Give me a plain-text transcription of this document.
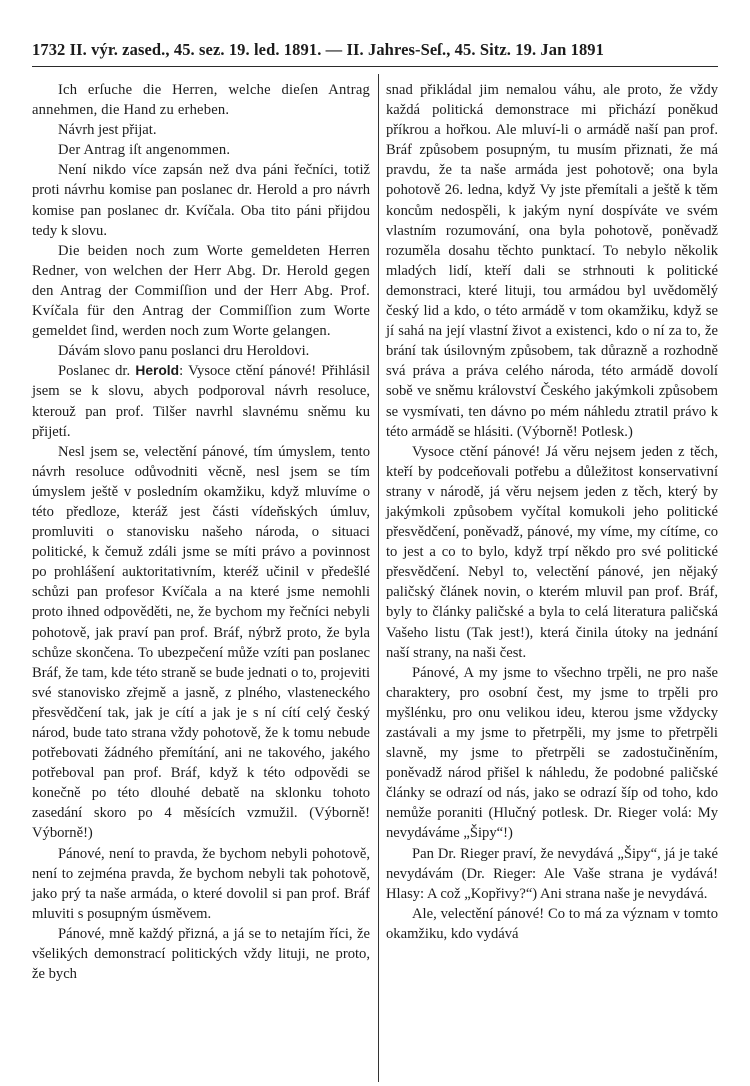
1732 II. výr. zased., 45. sez. 19. led. 1891. — II. Jahres-Seſ., 45. Sitz. 19. Jan 1891

Ich erſuche die Herren, welche dieſen Antrag annehmen, die Hand zu erheben.

Návrh jest přijat.

Der Antrag iſt angenommen.

Není nikdo více zapsán než dva páni řečníci, totiž proti návrhu komise pan poslanec dr. Herold a pro návrh komise pan poslanec dr. Kvíčala. Oba tito páni přijdou tedy k slovu.

Die beiden noch zum Worte gemeldeten Herren Redner, von welchen der Herr Abg. Dr. Herold gegen den Antrag der Commiſſion und der Herr Abg. Prof. Kvíčala für den Antrag der Commiſſion zum Worte gemeldet ſind, werden noch zum Worte gelangen.

Dávám slovo panu poslanci dru Heroldovi.

Poslanec dr. Herold: Vysoce ctění pánové! Přihlásil jsem se k slovu, abych podporoval návrh resoluce, kterouž pan prof. Tilšer navrhl slavnému sněmu ku přijetí.

Nesl jsem se, velectění pánové, tím úmyslem, tento návrh resoluce odůvodniti věcně, nesl jsem se tím úmyslem ještě v posledním okamžiku, když mluvíme o této předloze, kteráž jest části vídeňských úmluv, promluviti o stanovisku našeho národa, o situaci politické, k čemuž zdáli jsme se míti právo a povinnost po prohlášení auktoritativním, kteréž učinil v předešlé schůzi pan profesor Kvíčala a na které jsme nemohli proto ihned odpověděti, ne, že bychom my řečníci nebyli pohotově, jak praví pan prof. Bráf, nýbrž proto, že byla schůze skončena. To ubezpečení může vzíti pan poslanec Bráf, že tam, kde této straně se bude jednati o to, projeviti své stanovisko zřejmě a jasně, z plného, vlasteneckého přesvědčení tak, jak je cítí a jak je s ní cítí celý český národ, bude tato strana vždy pohotově, že k tomu nebude potřebovati žádného přemítání, ani ne takového, jakého potřeboval pan prof. Bráf, když k této odpovědi se konečně po této dlouhé debatě na sklonku tohoto zasedání skoro po 4 měsících vzmužil. (Výborně! Výborně!)

Pánové, není to pravda, že bychom nebyli pohotově, není to zejména pravda, že bychom nebyli tak pohotově, jako prý ta naše armáda, o které dovolil si pan prof. Bráf mluviti s posupným úsměvem.

Pánové, mně každý přizná, a já se to netajím říci, že všelikých demonstrací politických vždy lituji, ne proto, že bych

snad přikládal jim nemalou váhu, ale proto, že vždy každá politická demonstrace mi přichází poněkud příkrou a hořkou. Ale mluví-li o armádě naší pan prof. Bráf způsobem posupným, tu musím přiznati, že má pravdu, že ta naše armáda jest pohotově; ona byla pohotově 26. ledna, když Vy jste přemítali a ještě k těm koncům nedospěli, k jakým nyní dospíváte ve svém vlastním rozumování, ona byla pohotově, poněvadž rozuměla dosahu těchto punktací. To nebylo několik mladých lidí, kteří dali se strhnouti k politické demonstraci, které lituji, tou armádou byl uvědomělý český lid a kdo, o této armádě v tom okamžiku, když se jí sahá na její vlastní život a existenci, kdo o ní za to, že brání tak úsilovným způsobem, tak důrazně a rozhodně svá práva a práva celého národa, této armádě dovolí sobě ve sněmu království Českého jakýmkoli způsobem se vysmívati, ten dávno po mém náhledu ztratil právo k této armádě se hlásiti. (Výborně! Potlesk.)

Vysoce ctění pánové! Já věru nejsem jeden z těch, kteří by podceňovali potřebu a důležitost konservativní strany v národě, já věru nejsem jeden z těch, který by jakýmkoli způsobem vyčítal komukoli jeho politické přesvědčení, poněvadž, pánové, my víme, my cítíme, co to jest a co to bylo, když trpí někdo pro své politické přesvědčení. Nebyl to, velectění pánové, jen nějaký paličský článek novin, o kterém mluvil pan prof. Bráf, byly to články paličské a byla to celá literatura paličská Vašeho listu (Tak jest!), která činila útoky na jednání naší strany, na naši čest.

Pánové, A my jsme to všechno trpěli, ne pro naše charaktery, pro osobní čest, my jsme to trpěli pro myšlénku, pro onu velikou ideu, kterou jsme vždycky zastávali a my jsme to přetrpěli, my jsme to přetrpěli slavně, my jsme to přetrpěli se zadostučiněním, poněvadž národ přišel k náhledu, že podobné paličské články se odrazí od nás, jako se odrazí šíp od toho, kdo nemůže poraniti (Hlučný potlesk. Dr. Rieger volá: My nevydáváme „Šipy“!)

Pan Dr. Rieger praví, že nevydává „Šipy“, já je také nevydávám (Dr. Rieger: Ale Vaše strana je vydává! Hlasy: A což „Kopřivy?“) Ani strana naše je nevydává.

Ale, velectění pánové! Co to má za význam v tomto okamžiku, kdo vydává
